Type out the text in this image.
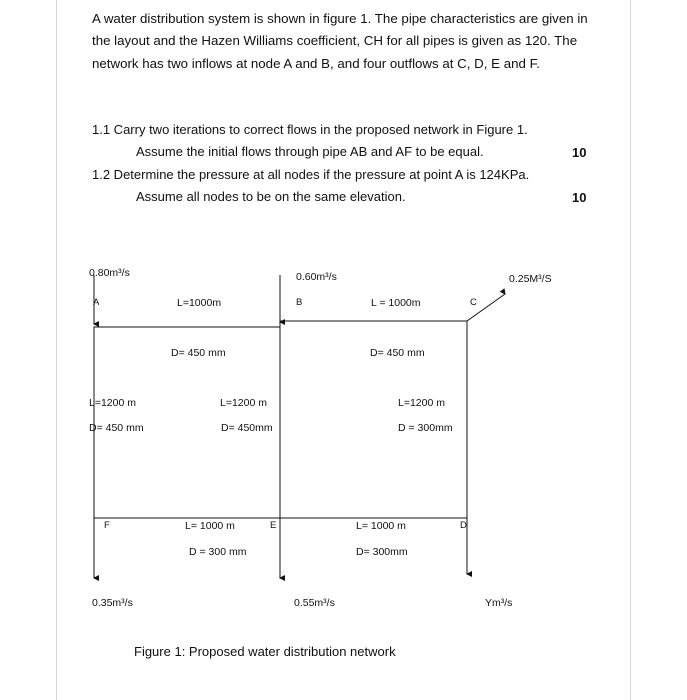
A water distribution system is shown in figure 1. The pipe characteristics are given in the layout and the Hazen Williams coefficient, CH for all pipes is given as 120. The network has two inflows at node A and B, and four outflows at C, D, E and F.
1.1 Carry two iterations to correct flows in the proposed network in Figure 1.
Assume the initial flows through pipe AB and AF to be equal.	10
1.2 Determine the pressure at all nodes if the pressure at point A is 124KPa.
Assume all nodes to be on the same elevation.	10
0.80m³/s	0.60m³/s	0.25M³/S
0.35m³/s	0.55m³/s	Ym³/s
A	B	C
D
E
F
L=1000m
D= 450 mm
L = 1000m
D= 450 mm
L=1200 m
D= 450 mm
L=1200 m
D= 450mm
L=1200 m
D = 300mm
L= 1000 m
D = 300 mm
L= 1000 m
D= 300mm
Figure 1: Proposed water distribution network
